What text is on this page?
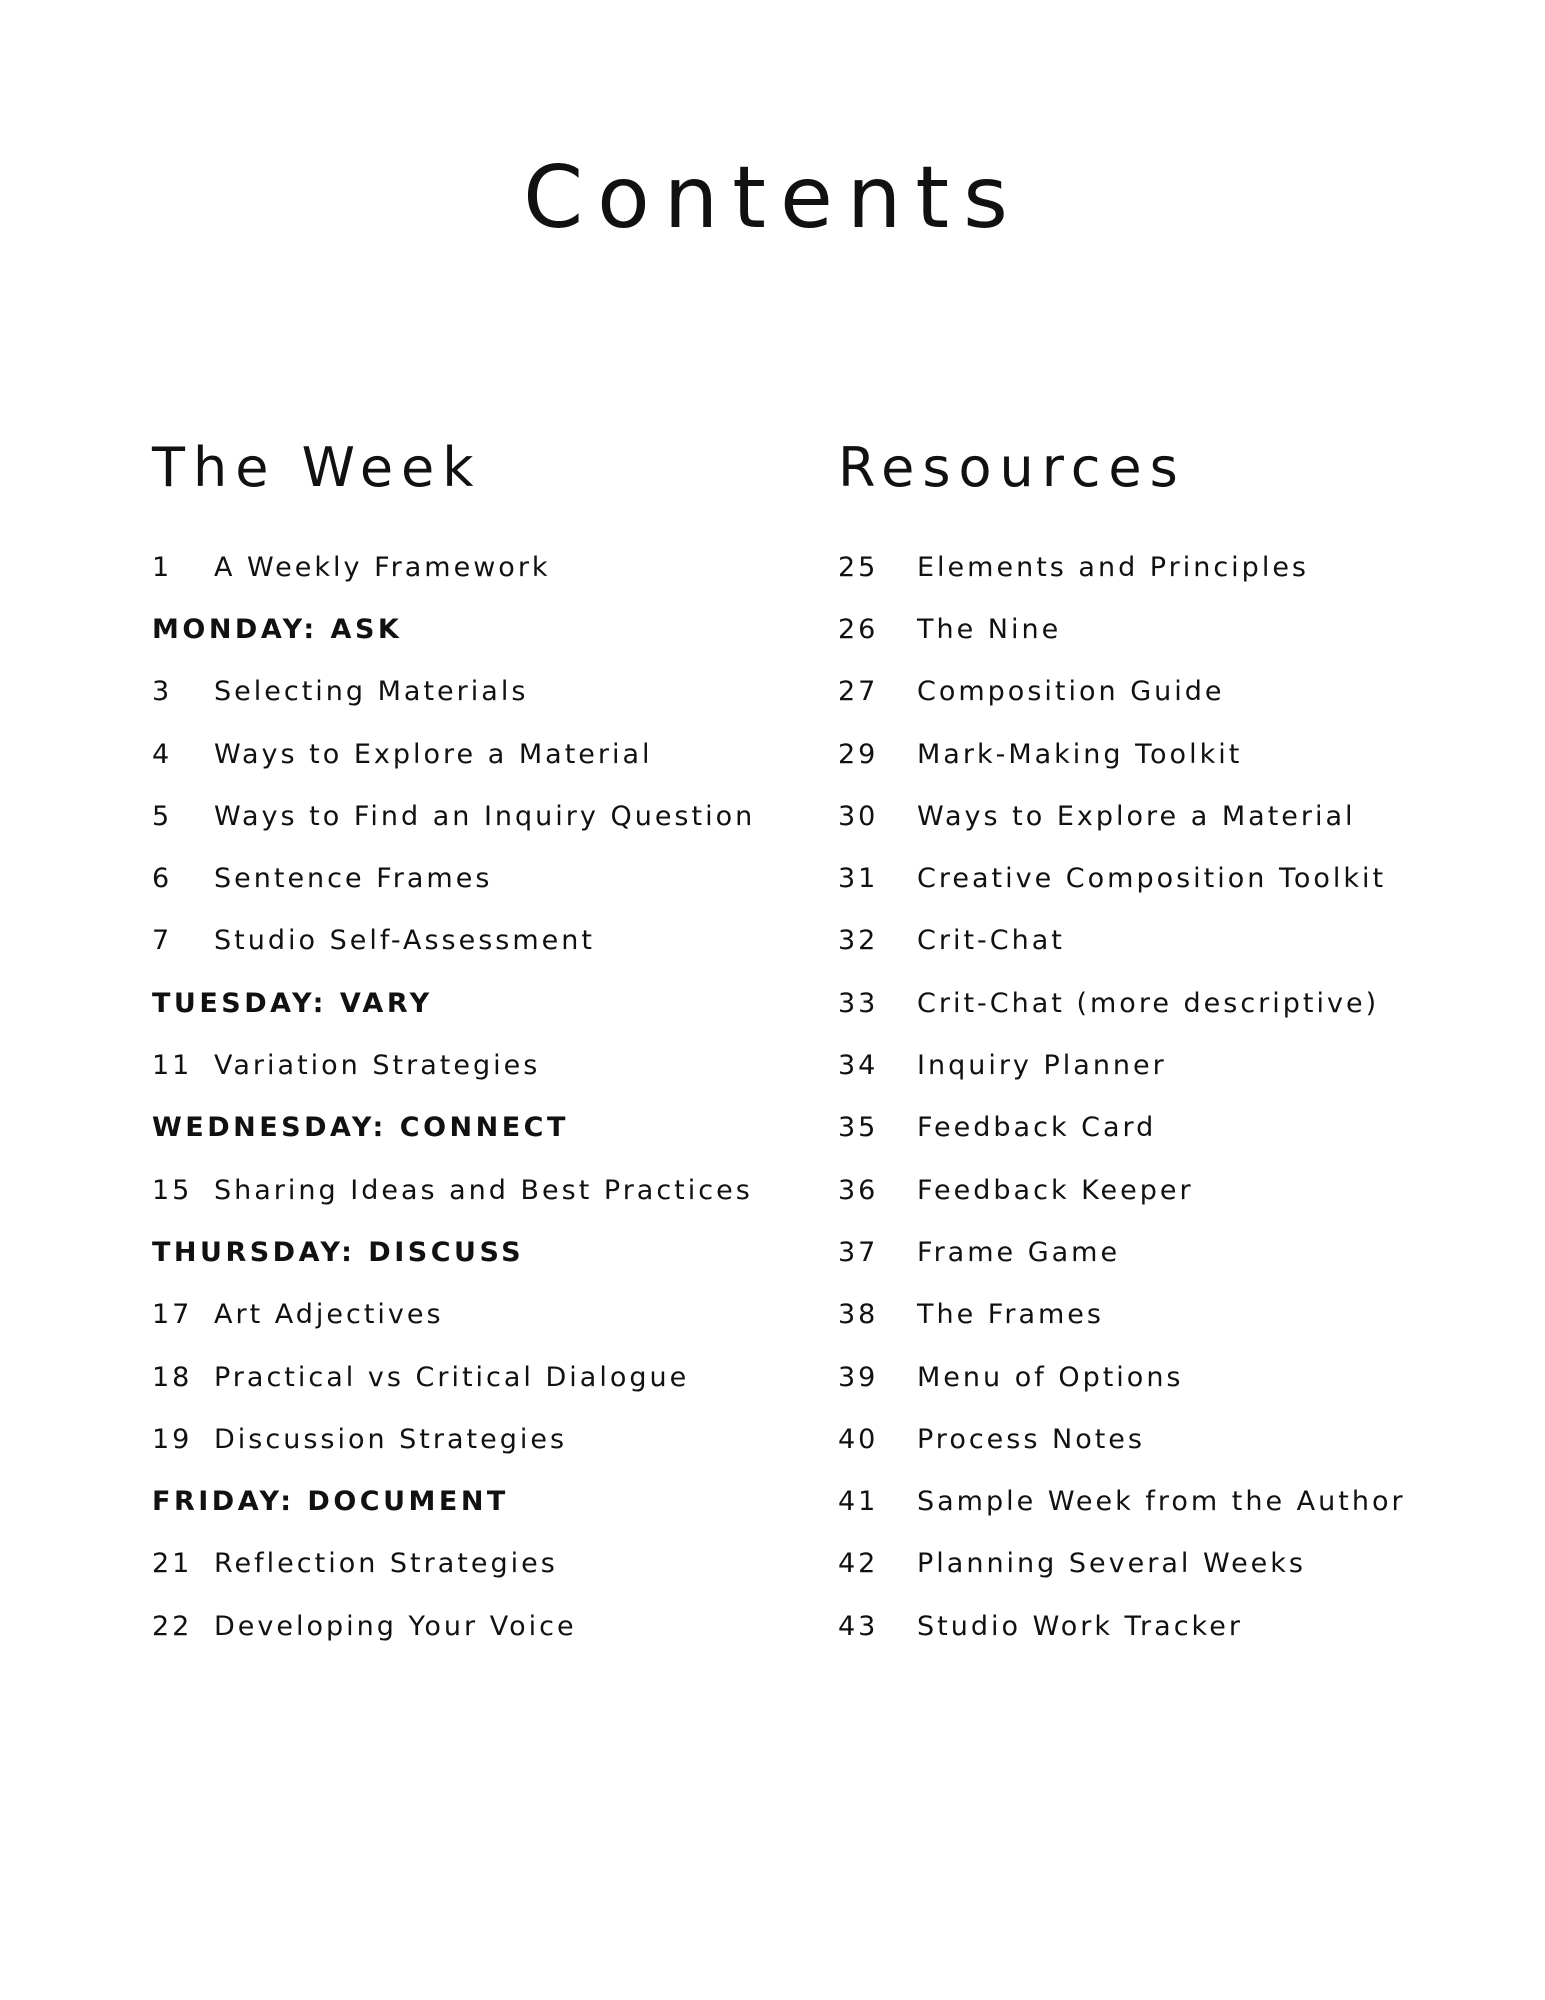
Contents
The Week
1	A Weekly Framework
MONDAY: ASK
3	Selecting Materials
4	Ways to Explore a Material
5	Ways to Find an Inquiry Question
6	Sentence Frames
7	Studio Self-Assessment
TUESDAY: VARY
11 Variation Strategies
WEDNESDAY: CONNECT
15 Sharing Ideas and Best Practices
THURSDAY: DISCUSS
17 Art Adjectives
18 Practical vs Critical Dialogue
19 Discussion Strategies
FRIDAY: DOCUMENT
21 Reflection Strategies
22 Developing Your Voice
Resources
25	Elements and Principles
26	The Nine
27	Composition Guide
29	Mark-Making Toolkit
30	Ways to Explore a Material
31	Creative Composition Toolkit
32	Crit-Chat
33	Crit-Chat (more descriptive)
34	Inquiry Planner
35	Feedback Card
36	Feedback Keeper
37	Frame Game
38	The Frames
39	Menu of Options
40	Process Notes
41	Sample Week from the Author
42	Planning Several Weeks
43	Studio Work Tracker
